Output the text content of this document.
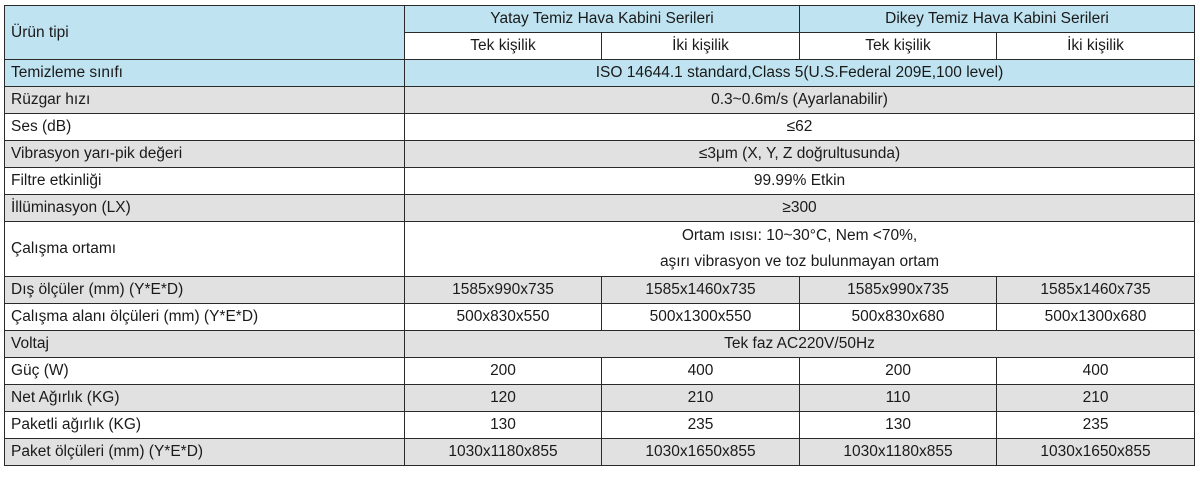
Ürün tipi	Yatay Temiz Hava Kabini Serileri		Dikey Temiz Hava Kabini Serileri	
	Tek kişilik	İki kişilik	Tek kişilik	İki kişilik
Temizleme sınıfı	ISO 14644.1 standard,Class 5(U.S.Federal 209E,100 level)			
Rüzgar hızı	0.3~0.6m/s (Ayarlanabilir)			
Ses (dB)	≤62			
Vibrasyon yarı-pik değeri	≤3μm (X, Y, Z doğrultusunda)			
Filtre etkinliği	99.99% Etkin			
İllüminasyon (LX)	≥300			
Çalışma ortamı	Ortam ısısı: 10~30°C, Nem <70%,
aşırı vibrasyon ve toz bulunmayan ortam			

Dış ölçüler (mm) (Y*E*D)	1585x990x735	1585x1460x735	1585x990x735	1585x1460x735
Çalışma alanı ölçüleri (mm) (Y*E*D)	500x830x550	500x1300x550	500x830x680	500x1300x680
Voltaj	Tek faz AC220V/50Hz			
Güç (W)	200	400	200	400
Net Ağırlık (KG)	120	210	110	210
Paketli ağırlık (KG)	130	235	130	235
Paket ölçüleri (mm) (Y*E*D)	1030x1180x855	1030x1650x855	1030x1180x855	1030x1650x855
